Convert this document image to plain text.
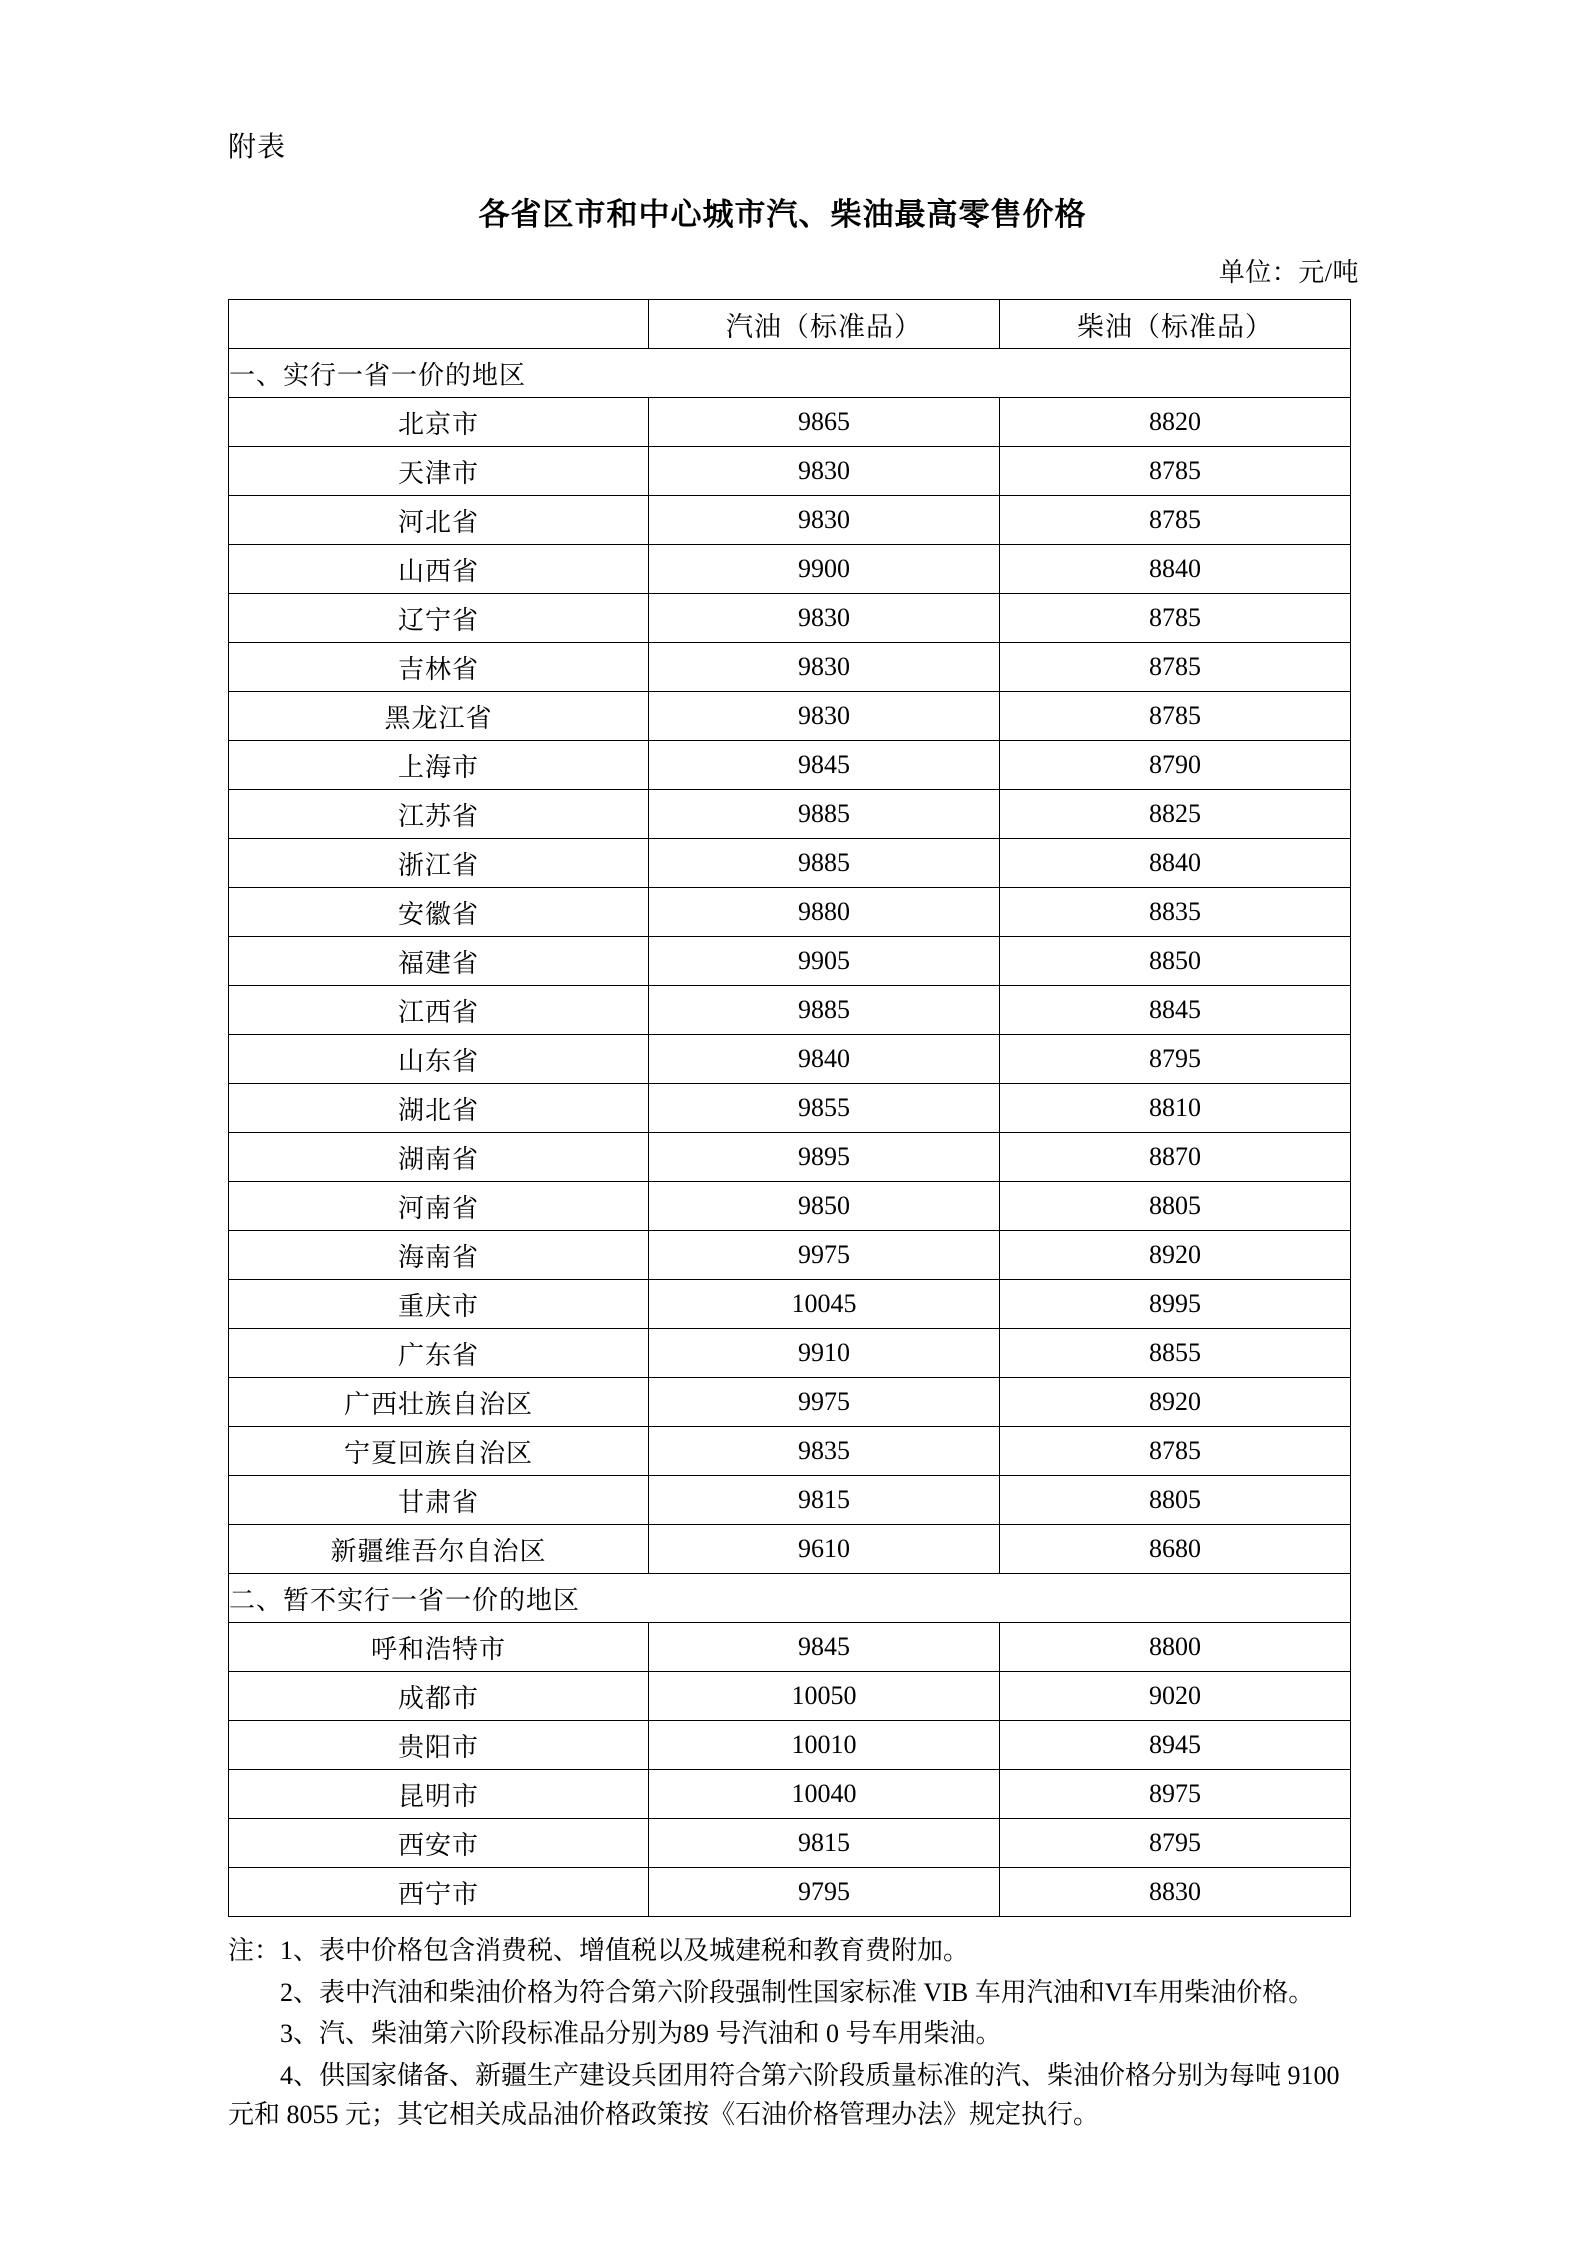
附表
各省区市和中心城市汽、柴油最高零售价格
单位：元/吨
	汽油（标准品）	柴油（标准品）
一、实行一省一价的地区		
北京市	9865	8820
天津市	9830	8785
河北省	9830	8785
山西省	9900	8840
辽宁省	9830	8785
吉林省	9830	8785
黑龙江省	9830	8785
上海市	9845	8790
江苏省	9885	8825
浙江省	9885	8840
安徽省	9880	8835
福建省	9905	8850
江西省	9885	8845
山东省	9840	8795
湖北省	9855	8810
湖南省	9895	8870
河南省	9850	8805
海南省	9975	8920
重庆市	10045	8995
广东省	9910	8855
广西壮族自治区	9975	8920
宁夏回族自治区	9835	8785
甘肃省	9815	8805
新疆维吾尔自治区	9610	8680
二、暂不实行一省一价的地区		
呼和浩特市	9845	8800
成都市	10050	9020
贵阳市	10010	8945
昆明市	10040	8975
西安市	9815	8795
西宁市	9795	8830

注：1、表中价格包含消费税、增值税以及城建税和教育费附加。

2、表中汽油和柴油价格为符合第六阶段强制性国家标准 VIB 车用汽油和VI车用柴油价格。

3、汽、柴油第六阶段标准品分别为89 号汽油和 0 号车用柴油。

4、供国家储备、新疆生产建设兵团用符合第六阶段质量标准的汽、柴油价格分别为每吨 9100 元和 8055 元；其它相关成品油价格政策按《石油价格管理办法》规定执行。
